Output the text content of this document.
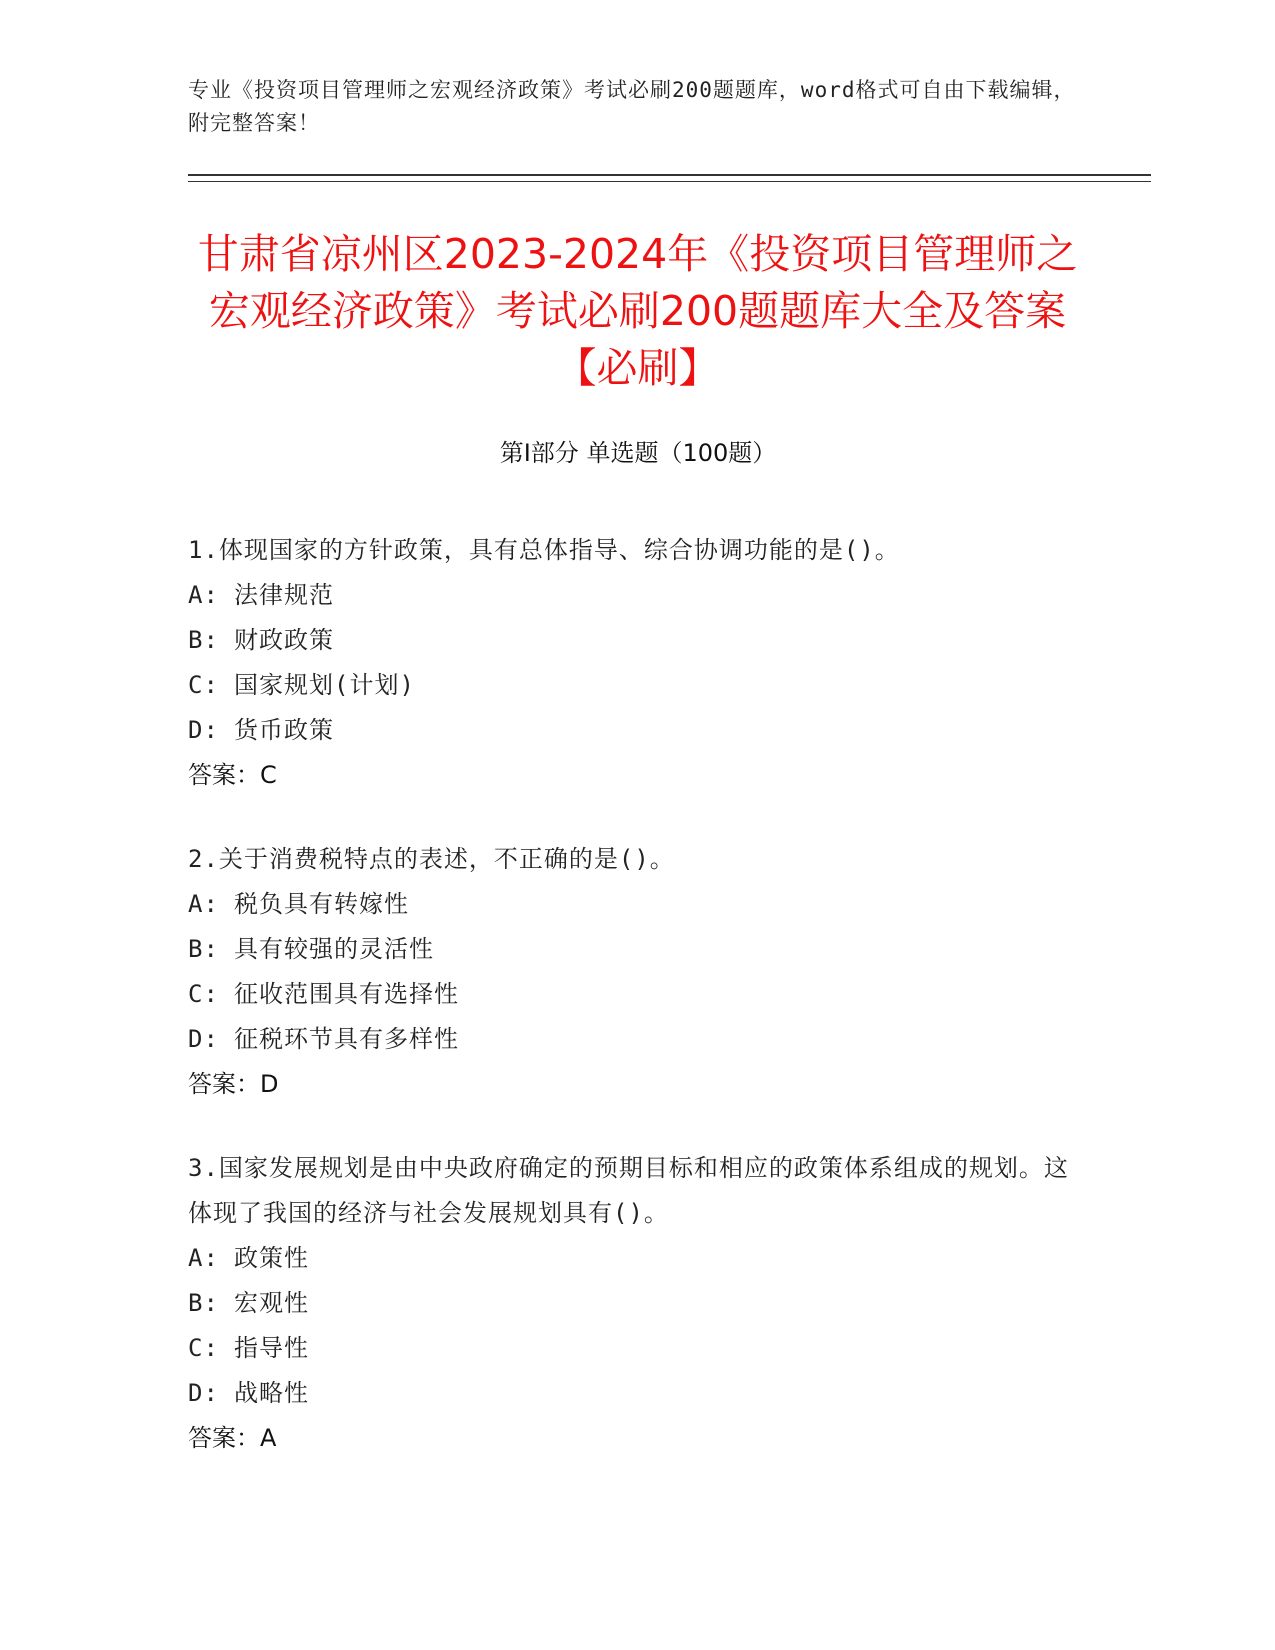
专业《投资项目管理师之宏观经济政策》考试必刷200题题库，word格式可自由下载编辑，附完整答案！
甘肃省凉州区2023-2024年《投资项目管理师之宏观经济政策》考试必刷200题题库大全及答案【必刷】
第Ⅰ部分 单选题（100题）

1.体现国家的方针政策，具有总体指导、综合协调功能的是()。

A: 法律规范
B: 财政政策
C: 国家规划(计划)
D: 货币政策
答案：C

2.关于消费税特点的表述，不正确的是()。

A: 税负具有转嫁性
B: 具有较强的灵活性
C: 征收范围具有选择性
D: 征税环节具有多样性
答案：D

3.国家发展规划是由中央政府确定的预期目标和相应的政策体系组成的规划。这体现了我国的经济与社会发展规划具有()。

A: 政策性
B: 宏观性
C: 指导性
D: 战略性
答案：A
